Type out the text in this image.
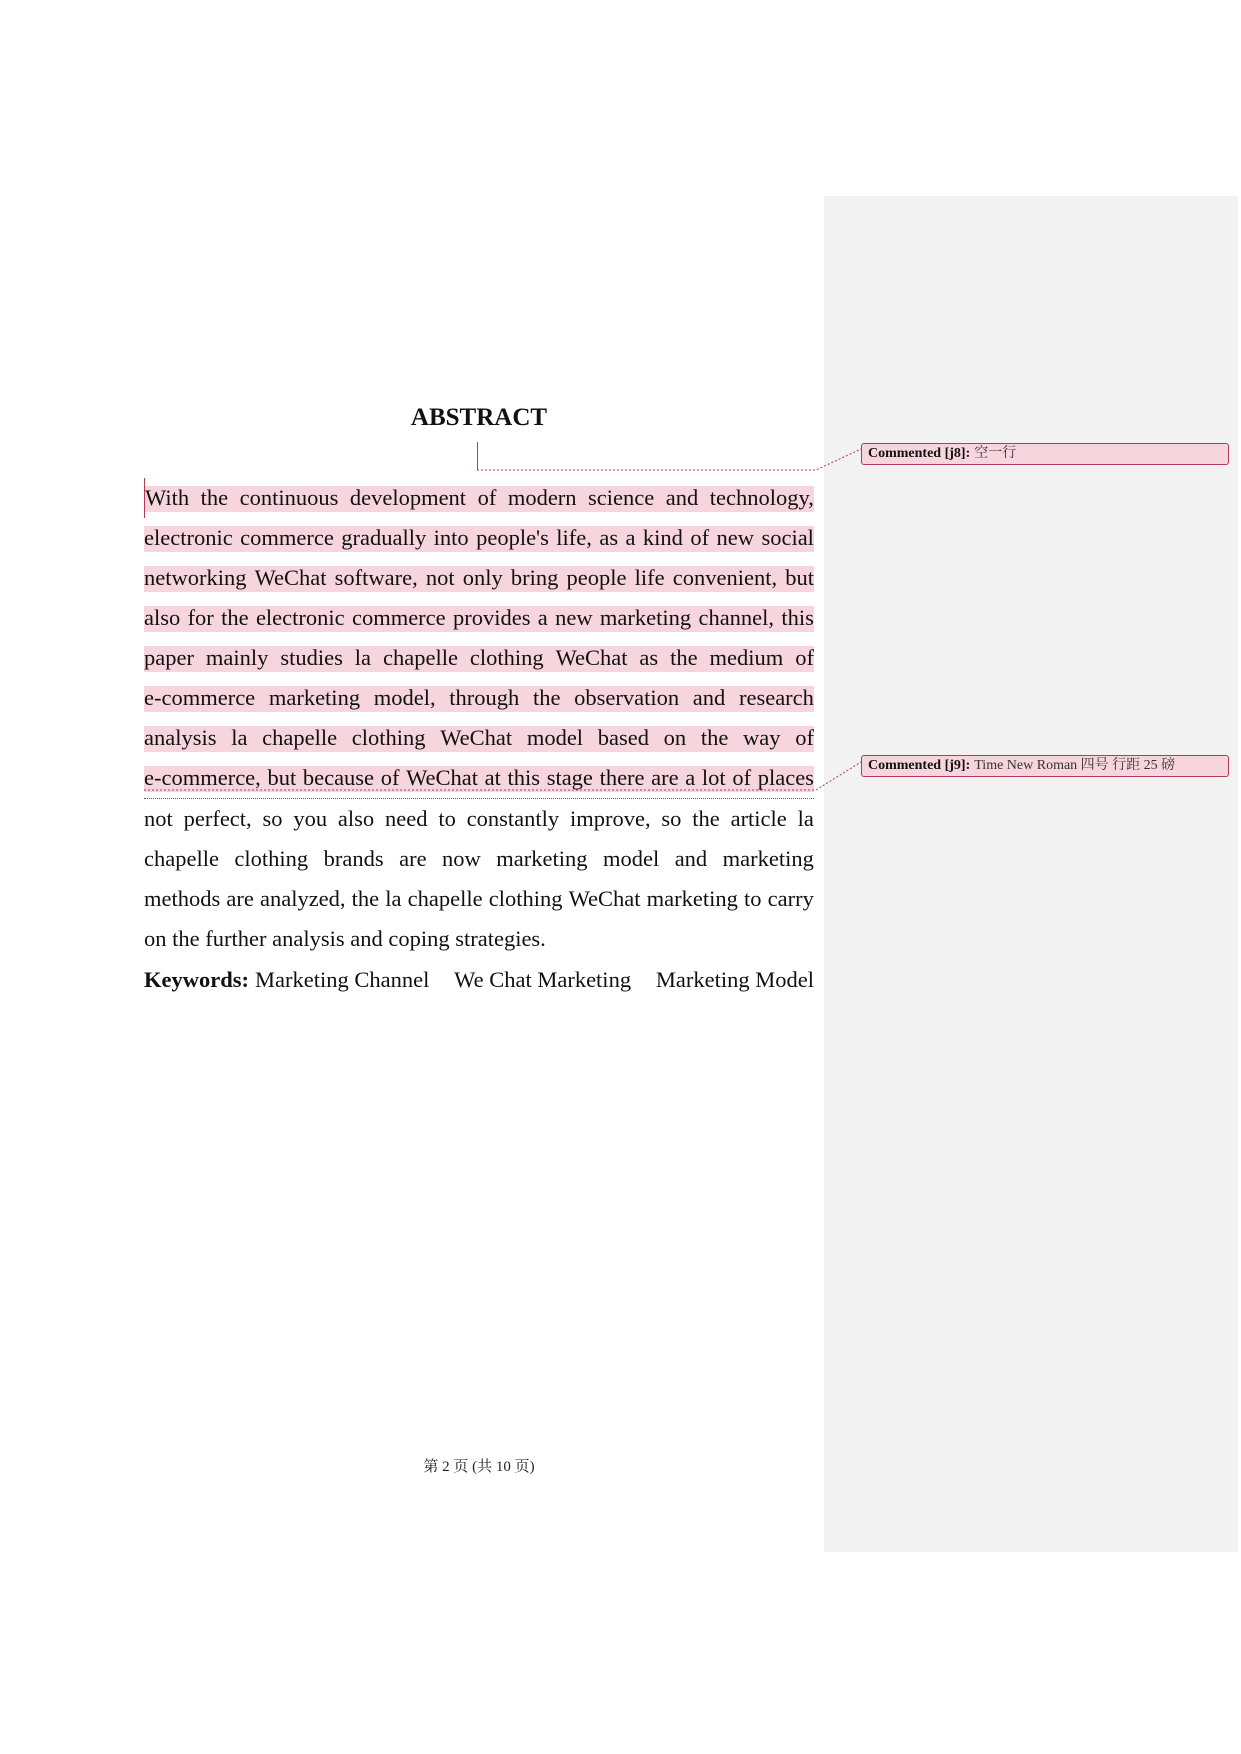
ABSTRACT
With the continuous development of modern science and technology,
electronic commerce gradually into people's life, as a kind of new social
networking WeChat software, not only bring people life convenient, but
also for the electronic commerce provides a new marketing channel, this
paper mainly studies la chapelle clothing WeChat as the medium of
e-commerce marketing model, through the observation and research
analysis la chapelle clothing WeChat model based on the way of
e-commerce, but because of WeChat at this stage there are a lot of places
not perfect, so you also need to constantly improve, so the article la
chapelle clothing brands are now marketing model and marketing
methods are analyzed, the la chapelle clothing WeChat marketing to carry
on the further analysis and coping strategies.
Keywords: Marketing Channel We Chat Marketing Marketing Model
Commented [j8]: 空一行
Commented [j9]: Time New Roman 四号 行距 25 磅
第 2 页 (共 10 页)
